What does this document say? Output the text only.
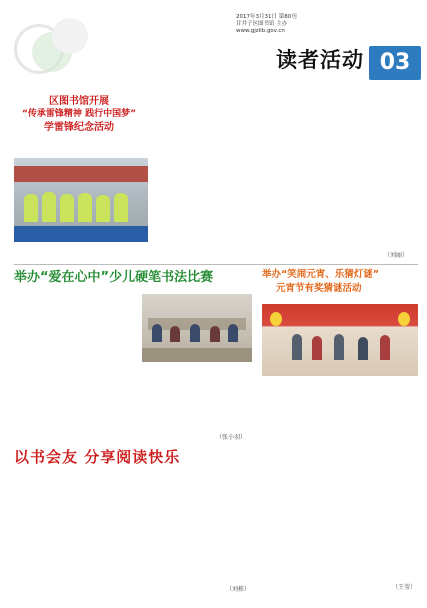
2017年3月31日 第80刊
甘井子区图书馆 主办
www.gjzlib.gov.cn
读者活动 03
区图书馆开展
“传承雷锋精神 践行中国梦”
学雷锋纪念活动
（刘丽）
举办“爱在心中”少儿硬笔书法比赛
（张小羽）
举办“笑闹元宵、乐猜灯谜”
元宵节有奖猜谜活动
（王莹）
以书会友 分享阅读快乐
（刘栋）
